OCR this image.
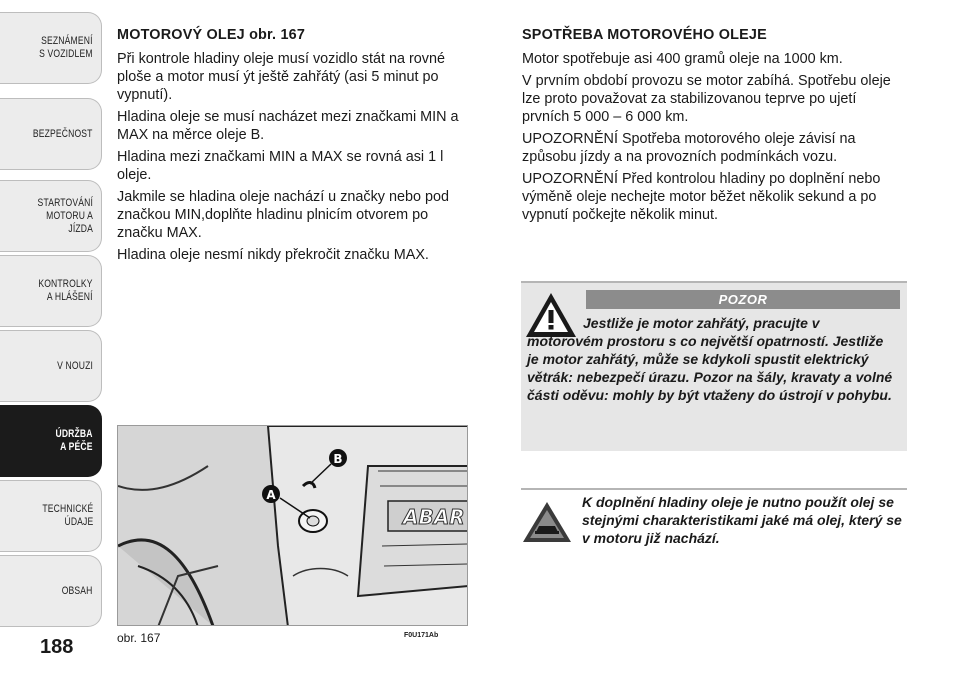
SEZNÁMENÍ
S VOZIDLEM
BEZPEČNOST
STARTOVÁNÍ
MOTORU A JÍZDA
KONTROLKY
A HLÁŠENÍ
V NOUZI
ÚDRŽBA
A PÉČE
TECHNICKÉ
ÚDAJE
OBSAH
188
MOTOROVÝ OLEJ obr. 167

Při kontrole hladiny oleje musí vozidlo stát na rovné ploše a motor musí ýt ještě zahřátý (asi 5 minut po vypnutí).

Hladina oleje se musí nacházet mezi značkami MIN a MAX na měrce oleje B.

Hladina mezi značkami MIN a MAX se rovná asi 1 l oleje.

Jakmile se hladina oleje nachází u značky nebo pod značkou MIN,doplňte hladinu plnicím otvorem po značku MAX.

Hladina oleje nesmí nikdy překročit značku MAX.

ABAR
A
B
obr. 167	F0U171Ab
SPOTŘEBA MOTOROVÉHO OLEJE

Motor spotřebuje asi 400 gramů oleje na 1000 km.

V prvním období provozu se motor zabíhá. Spotřebu oleje lze proto považovat za stabilizovanou teprve po ujetí prvních 5 000 – 6 000 km.

UPOZORNĚNÍ Spotřeba motorového oleje závisí na způsobu jízdy a na provozních podmínkách vozu.

UPOZORNĚNÍ Před kontrolou hladiny po doplnění nebo výměně oleje nechejte motor běžet několik sekund a po vypnutí počkejte několik minut.

POZOR
Jestliže je motor zahřátý, pracujte v motorovém prostoru s co největší opatrností. Jestliže je motor zahřátý, může se kdykoli spustit elektrický větrák: nebezpečí úrazu. Pozor na šály, kravaty a volné části oděvu: mohly by být vtaženy do ústrojí v pohybu.
K doplnění hladiny oleje je nutno použít olej se stejnými charakteristikami jaké má olej, který se v motoru již nachází.
